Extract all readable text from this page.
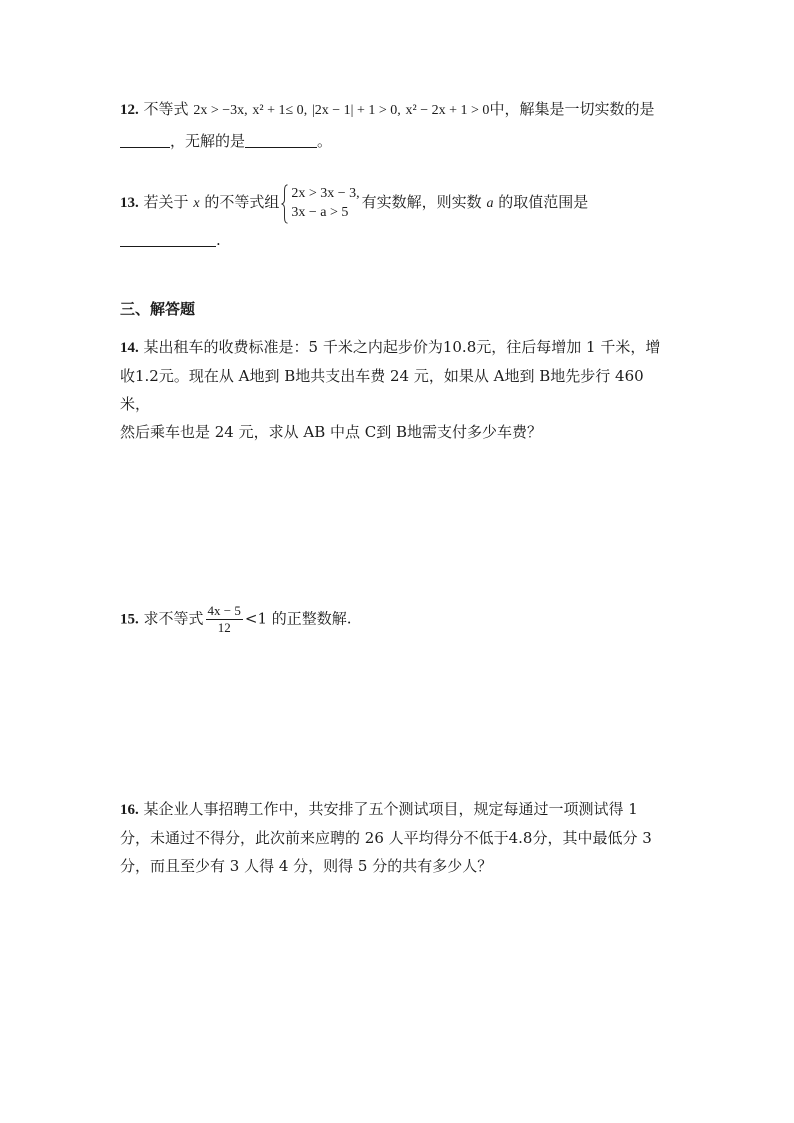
12. 不等式 2x > −3x, x² + 1≤ 0, |2x − 1| + 1 > 0, x² − 2x + 1 > 0中，解集是一切实数的是
，无解的是	。
13. 若关于 x 的不等式组 2x > 3x − 3,
3x − a > 5
有实数解，则实数 a 的取值范围是
.
三、解答题
14. 某出租车的收费标准是：5 千米之内起步价为10.8元，往后每增加 1 千米，增
收1.2元。现在从 A地到 B地共支出车费 24 元，如果从 A地到 B地先步行 460 米，
然后乘车也是 24 元，求从 AB 中点 C到 B地需支付多少车费？
15. 求不等式 $\frac{4x - 5}{12} <1$ 的正整数解.
16. 某企业人事招聘工作中，共安排了五个测试项目，规定每通过一项测试得 1
分，未通过不得分，此次前来应聘的 26 人平均得分不低于4.8分，其中最低分 3
分，而且至少有 3 人得 4 分，则得 5 分的共有多少人？
